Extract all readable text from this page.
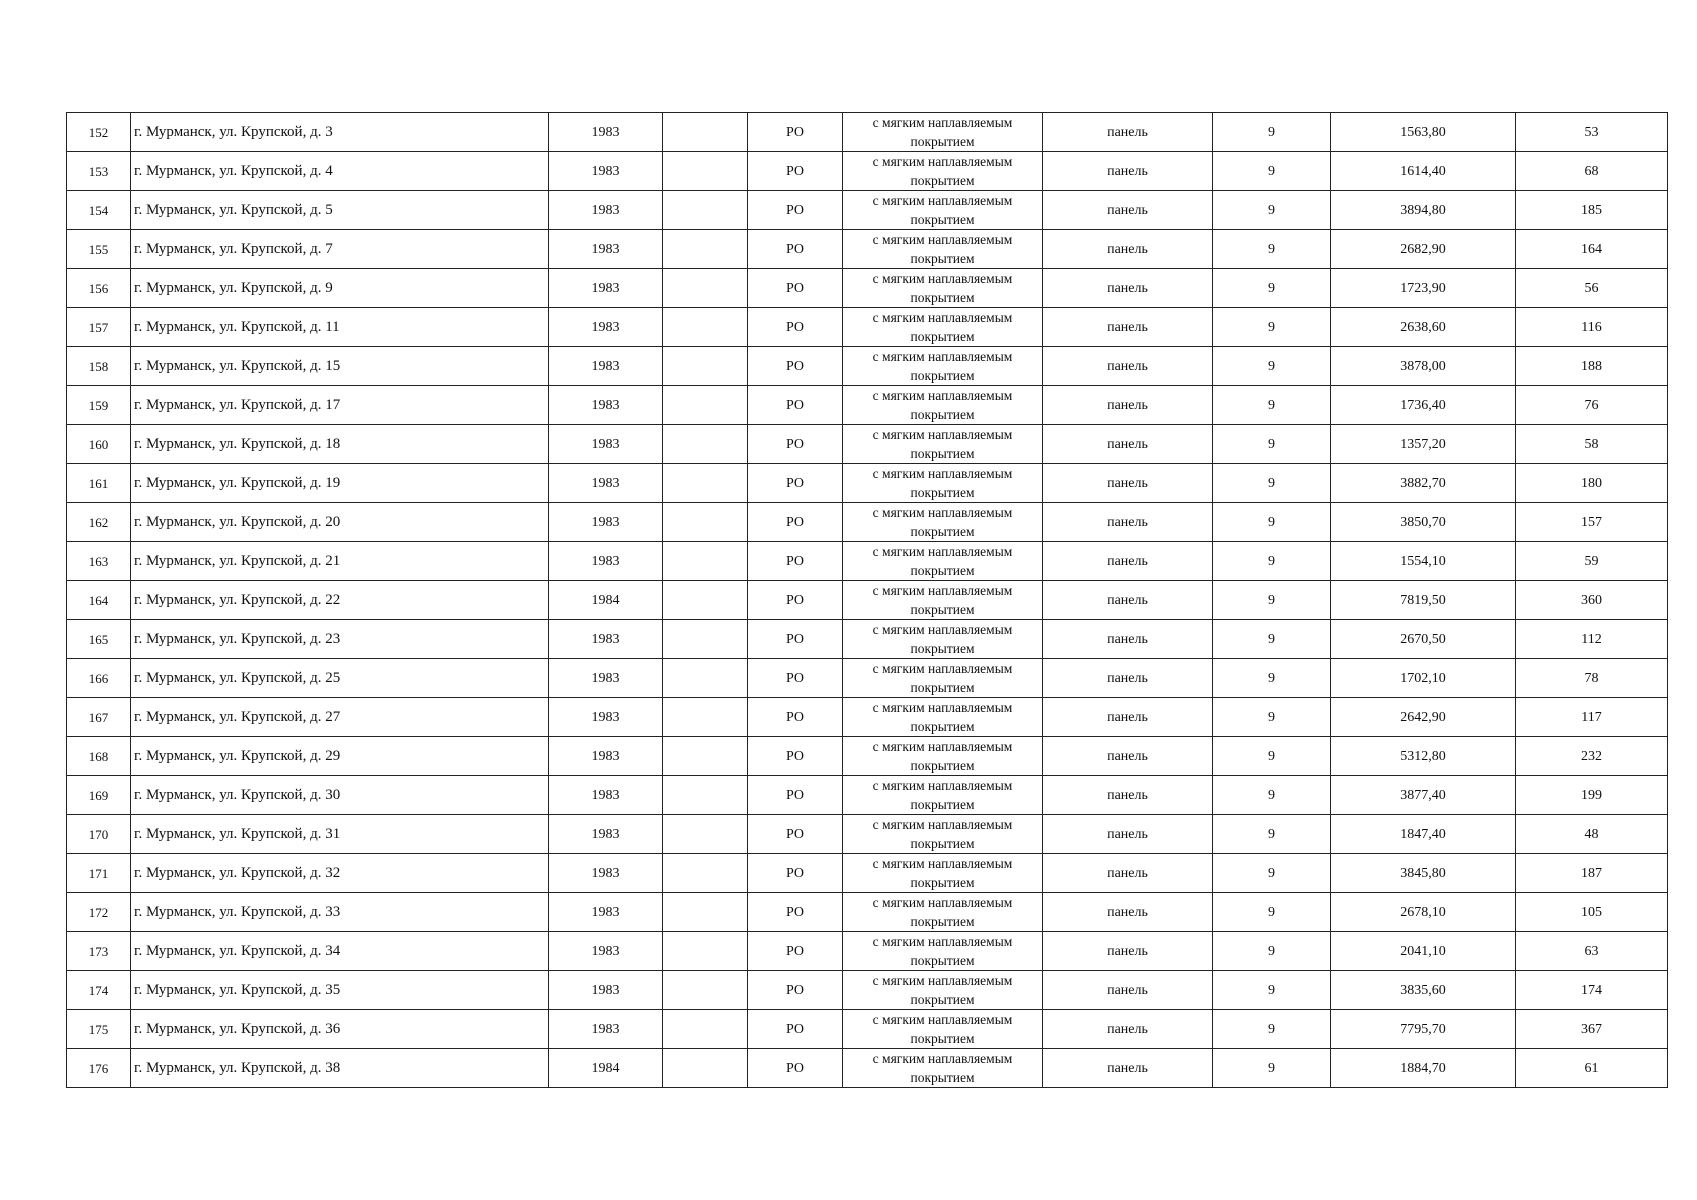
152	г. Мурманск, ул. Крупской, д. 3	1983		РО	с мягким наплавляемым покрытием	панель	9	1563,80	53
153	г. Мурманск, ул. Крупской, д. 4	1983		РО	с мягким наплавляемым покрытием	панель	9	1614,40	68
154	г. Мурманск, ул. Крупской, д. 5	1983		РО	с мягким наплавляемым покрытием	панель	9	3894,80	185
155	г. Мурманск, ул. Крупской, д. 7	1983		РО	с мягким наплавляемым покрытием	панель	9	2682,90	164
156	г. Мурманск, ул. Крупской, д. 9	1983		РО	с мягким наплавляемым покрытием	панель	9	1723,90	56
157	г. Мурманск, ул. Крупской, д. 11	1983		РО	с мягким наплавляемым покрытием	панель	9	2638,60	116
158	г. Мурманск, ул. Крупской, д. 15	1983		РО	с мягким наплавляемым покрытием	панель	9	3878,00	188
159	г. Мурманск, ул. Крупской, д. 17	1983		РО	с мягким наплавляемым покрытием	панель	9	1736,40	76
160	г. Мурманск, ул. Крупской, д. 18	1983		РО	с мягким наплавляемым покрытием	панель	9	1357,20	58
161	г. Мурманск, ул. Крупской, д. 19	1983		РО	с мягким наплавляемым покрытием	панель	9	3882,70	180
162	г. Мурманск, ул. Крупской, д. 20	1983		РО	с мягким наплавляемым покрытием	панель	9	3850,70	157
163	г. Мурманск, ул. Крупской, д. 21	1983		РО	с мягким наплавляемым покрытием	панель	9	1554,10	59
164	г. Мурманск, ул. Крупской, д. 22	1984		РО	с мягким наплавляемым покрытием	панель	9	7819,50	360
165	г. Мурманск, ул. Крупской, д. 23	1983		РО	с мягким наплавляемым покрытием	панель	9	2670,50	112
166	г. Мурманск, ул. Крупской, д. 25	1983		РО	с мягким наплавляемым покрытием	панель	9	1702,10	78
167	г. Мурманск, ул. Крупской, д. 27	1983		РО	с мягким наплавляемым покрытием	панель	9	2642,90	117
168	г. Мурманск, ул. Крупской, д. 29	1983		РО	с мягким наплавляемым покрытием	панель	9	5312,80	232
169	г. Мурманск, ул. Крупской, д. 30	1983		РО	с мягким наплавляемым покрытием	панель	9	3877,40	199
170	г. Мурманск, ул. Крупской, д. 31	1983		РО	с мягким наплавляемым покрытием	панель	9	1847,40	48
171	г. Мурманск, ул. Крупской, д. 32	1983		РО	с мягким наплавляемым покрытием	панель	9	3845,80	187
172	г. Мурманск, ул. Крупской, д. 33	1983		РО	с мягким наплавляемым покрытием	панель	9	2678,10	105
173	г. Мурманск, ул. Крупской, д. 34	1983		РО	с мягким наплавляемым покрытием	панель	9	2041,10	63
174	г. Мурманск, ул. Крупской, д. 35	1983		РО	с мягким наплавляемым покрытием	панель	9	3835,60	174
175	г. Мурманск, ул. Крупской, д. 36	1983		РО	с мягким наплавляемым покрытием	панель	9	7795,70	367
176	г. Мурманск, ул. Крупской, д. 38	1984		РО	с мягким наплавляемым покрытием	панель	9	1884,70	61
